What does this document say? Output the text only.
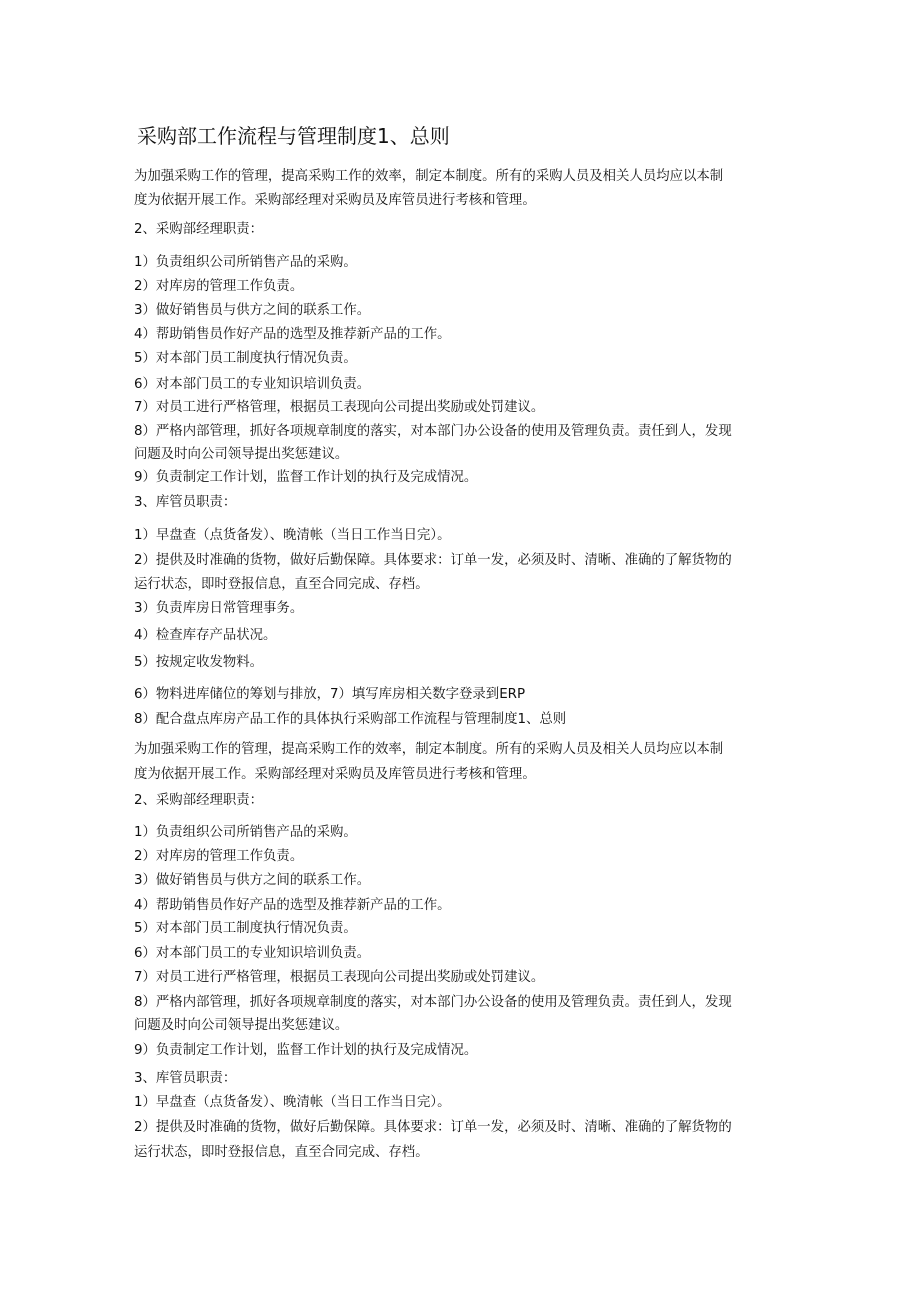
采购部工作流程与管理制度1、总则
为加强采购工作的管理，提高采购工作的效率，制定本制度。所有的采购人员及相关人员均应以本制
度为依据开展工作。采购部经理对采购员及库管员进行考核和管理。
2、采购部经理职责：
1）负责组织公司所销售产品的采购。
2）对库房的管理工作负责。
3）做好销售员与供方之间的联系工作。
4）帮助销售员作好产品的选型及推荐新产品的工作。
5）对本部门员工制度执行情况负责。
6）对本部门员工的专业知识培训负责。
7）对员工进行严格管理，根据员工表现向公司提出奖励或处罚建议。
8）严格内部管理，抓好各项规章制度的落实，对本部门办公设备的使用及管理负责。责任到人，发现
问题及时向公司领导提出奖惩建议。
9）负责制定工作计划，监督工作计划的执行及完成情况。
3、库管员职责：
1）早盘查（点货备发）、晚清帐（当日工作当日完）。
2）提供及时准确的货物，做好后勤保障。具体要求：订单一发，必须及时、清晰、准确的了解货物的
运行状态，即时登报信息，直至合同完成、存档。
3）负责库房日常管理事务。
4）检查库存产品状况。
5）按规定收发物料。
6）物料进库储位的筹划与排放，7）填写库房相关数字登录到ERP
8）配合盘点库房产品工作的具体执行采购部工作流程与管理制度1、总则
为加强采购工作的管理，提高采购工作的效率，制定本制度。所有的采购人员及相关人员均应以本制
度为依据开展工作。采购部经理对采购员及库管员进行考核和管理。
2、采购部经理职责：
1）负责组织公司所销售产品的采购。
2）对库房的管理工作负责。
3）做好销售员与供方之间的联系工作。
4）帮助销售员作好产品的选型及推荐新产品的工作。
5）对本部门员工制度执行情况负责。
6）对本部门员工的专业知识培训负责。
7）对员工进行严格管理，根据员工表现向公司提出奖励或处罚建议。
8）严格内部管理，抓好各项规章制度的落实，对本部门办公设备的使用及管理负责。责任到人，发现
问题及时向公司领导提出奖惩建议。
9）负责制定工作计划，监督工作计划的执行及完成情况。
3、库管员职责：
1）早盘查（点货备发）、晚清帐（当日工作当日完）。
2）提供及时准确的货物，做好后勤保障。具体要求：订单一发，必须及时、清晰、准确的了解货物的
运行状态，即时登报信息，直至合同完成、存档。
